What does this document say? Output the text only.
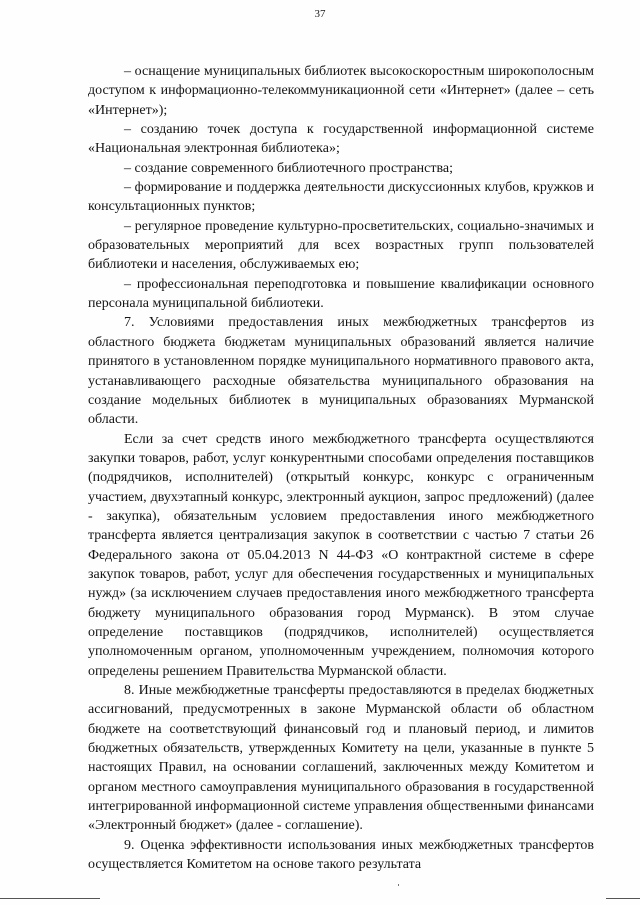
37

– оснащение муниципальных библиотек высокоскоростным широкополосным доступом к информационно-телекоммуникационной сети «Интернет» (далее – сеть «Интернет»);

– созданию точек доступа к государственной информационной системе «Национальная электронная библиотека»;

– создание современного библиотечного пространства;

– формирование и поддержка деятельности дискуссионных клубов, кружков и консультационных пунктов;

– регулярное проведение культурно-просветительских, социально-значимых и образовательных мероприятий для всех возрастных групп пользователей библиотеки и населения, обслуживаемых ею;

– профессиональная переподготовка и повышение квалификации основного персонала муниципальной библиотеки.

7. Условиями предоставления иных межбюджетных трансфертов из областного бюджета бюджетам муниципальных образований является наличие принятого в установленном порядке муниципального нормативного правового акта, устанавливающего расходные обязательства муниципального образования на создание модельных библиотек в муниципальных образованиях Мурманской области.

Если за счет средств иного межбюджетного трансферта осуществляются закупки товаров, работ, услуг конкурентными способами определения поставщиков (подрядчиков, исполнителей) (открытый конкурс, конкурс с ограниченным участием, двухэтапный конкурс, электронный аукцион, запрос предложений) (далее - закупка), обязательным условием предоставления иного межбюджетного трансферта является централизация закупок в соответствии с частью 7 статьи 26 Федерального закона от 05.04.2013 N 44-ФЗ «О контрактной системе в сфере закупок товаров, работ, услуг для обеспечения государственных и муниципальных нужд» (за исключением случаев предоставления иного межбюджетного трансферта бюджету муниципального образования город Мурманск). В этом случае определение поставщиков (подрядчиков, исполнителей) осуществляется уполномоченным органом, уполномоченным учреждением, полномочия которого определены решением Правительства Мурманской области.

8. Иные межбюджетные трансферты предоставляются в пределах бюджетных ассигнований, предусмотренных в законе Мурманской области об областном бюджете на соответствующий финансовый год и плановый период, и лимитов бюджетных обязательств, утвержденных Комитету на цели, указанные в пункте 5 настоящих Правил, на основании соглашений, заключенных между Комитетом и органом местного самоуправления муниципального образования в государственной интегрированной информационной системе управления общественными финансами «Электронный бюджет» (далее - соглашение).

9. Оценка эффективности использования иных межбюджетных трансфертов осуществляется Комитетом на основе такого результата
